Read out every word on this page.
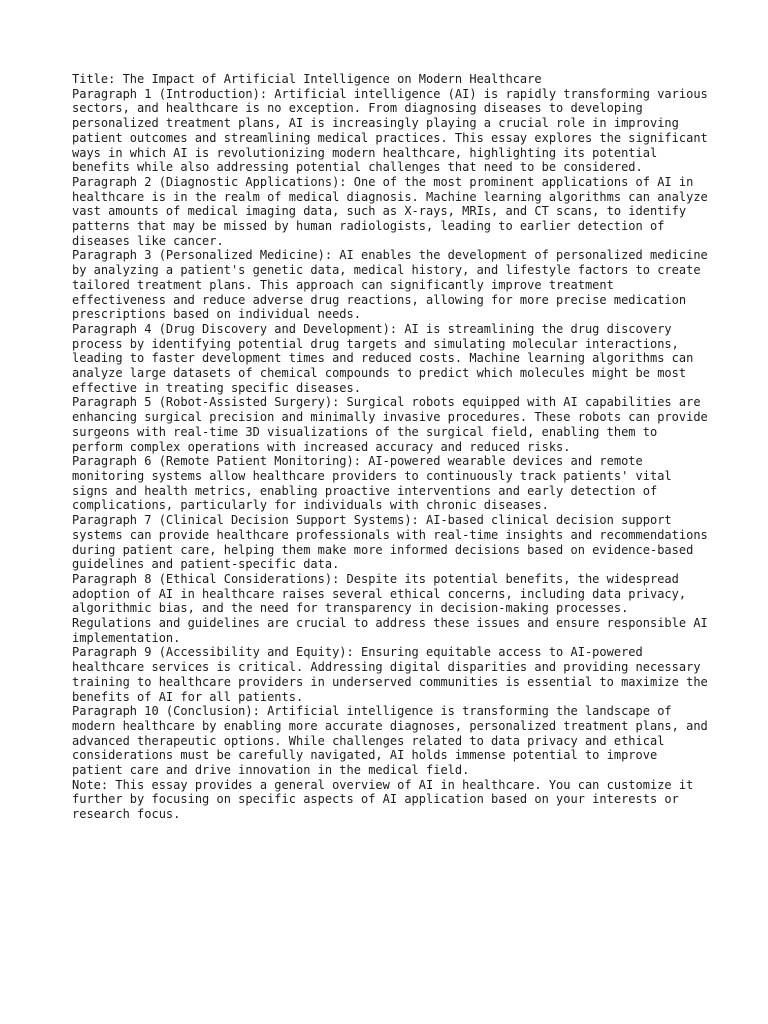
Title: The Impact of Artificial Intelligence on Modern Healthcare

Paragraph 1 (Introduction): Artificial intelligence (AI) is rapidly transforming various sectors, and healthcare is no exception. From diagnosing diseases to developing personalized treatment plans, AI is increasingly playing a crucial role in improving patient outcomes and streamlining medical practices. This essay explores the significant ways in which AI is revolutionizing modern healthcare, highlighting its potential benefits while also addressing potential challenges that need to be considered.

Paragraph 2 (Diagnostic Applications): One of the most prominent applications of AI in healthcare is in the realm of medical diagnosis. Machine learning algorithms can analyze vast amounts of medical imaging data, such as X-rays, MRIs, and CT scans, to identify patterns that may be missed by human radiologists, leading to earlier detection of diseases like cancer.

Paragraph 3 (Personalized Medicine): AI enables the development of personalized medicine by analyzing a patient's genetic data, medical history, and lifestyle factors to create tailored treatment plans. This approach can significantly improve treatment effectiveness and reduce adverse drug reactions, allowing for more precise medication prescriptions based on individual needs.

Paragraph 4 (Drug Discovery and Development): AI is streamlining the drug discovery process by identifying potential drug targets and simulating molecular interactions, leading to faster development times and reduced costs. Machine learning algorithms can analyze large datasets of chemical compounds to predict which molecules might be most effective in treating specific diseases.

Paragraph 5 (Robot-Assisted Surgery): Surgical robots equipped with AI capabilities are enhancing surgical precision and minimally invasive procedures. These robots can provide surgeons with real-time 3D visualizations of the surgical field, enabling them to perform complex operations with increased accuracy and reduced risks.

Paragraph 6 (Remote Patient Monitoring): AI-powered wearable devices and remote monitoring systems allow healthcare providers to continuously track patients' vital signs and health metrics, enabling proactive interventions and early detection of complications, particularly for individuals with chronic diseases.

Paragraph 7 (Clinical Decision Support Systems): AI-based clinical decision support systems can provide healthcare professionals with real-time insights and recommendations during patient care, helping them make more informed decisions based on evidence-based guidelines and patient-specific data.

Paragraph 8 (Ethical Considerations): Despite its potential benefits, the widespread adoption of AI in healthcare raises several ethical concerns, including data privacy, algorithmic bias, and the need for transparency in decision-making processes. Regulations and guidelines are crucial to address these issues and ensure responsible AI implementation.

Paragraph 9 (Accessibility and Equity): Ensuring equitable access to AI-powered healthcare services is critical. Addressing digital disparities and providing necessary training to healthcare providers in underserved communities is essential to maximize the benefits of AI for all patients.

Paragraph 10 (Conclusion): Artificial intelligence is transforming the landscape of modern healthcare by enabling more accurate diagnoses, personalized treatment plans, and advanced therapeutic options. While challenges related to data privacy and ethical considerations must be carefully navigated, AI holds immense potential to improve patient care and drive innovation in the medical field.

Note: This essay provides a general overview of AI in healthcare. You can customize it further by focusing on specific aspects of AI application based on your interests or research focus.
